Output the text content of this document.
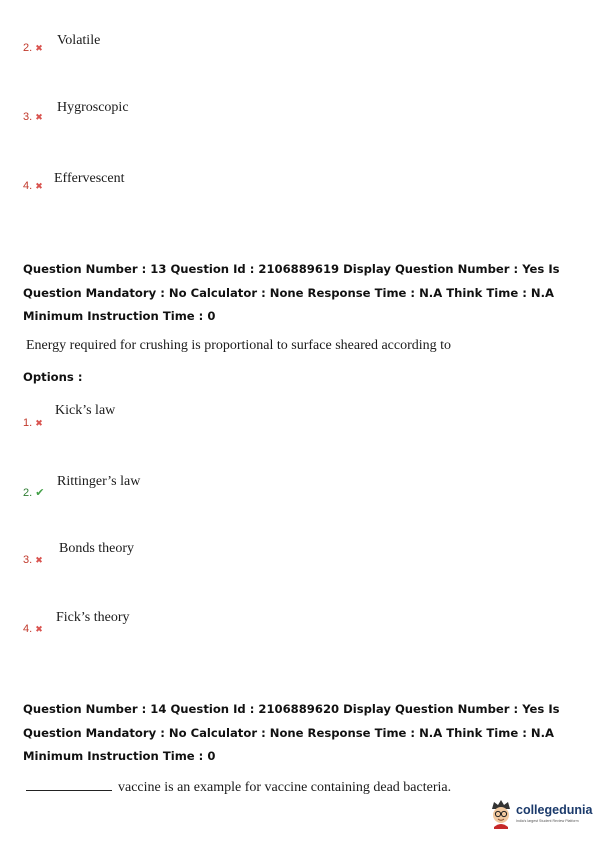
2. ✖ Volatile
3. ✖
Hygroscopic
4. ✖ Effervescent

Question Number : 13 Question Id : 2106889619 Display Question Number : Yes Is Question Mandatory : No Calculator : None Response Time : N.A Think Time : N.A Minimum Instruction Time : 0

Energy required for crushing is proportional to surface sheared according to
Options :
1. ✖
Kick’s law
2. ✔
Rittinger’s law
3. ✖
Bonds theory
4. ✖
Fick’s theory

Question Number : 14 Question Id : 2106889620 Display Question Number : Yes Is Question Mandatory : No Calculator : None Response Time : N.A Think Time : N.A Minimum Instruction Time : 0

vaccine is an example for vaccine containing dead bacteria.
collegedunia
India's largest Student Review Platform
